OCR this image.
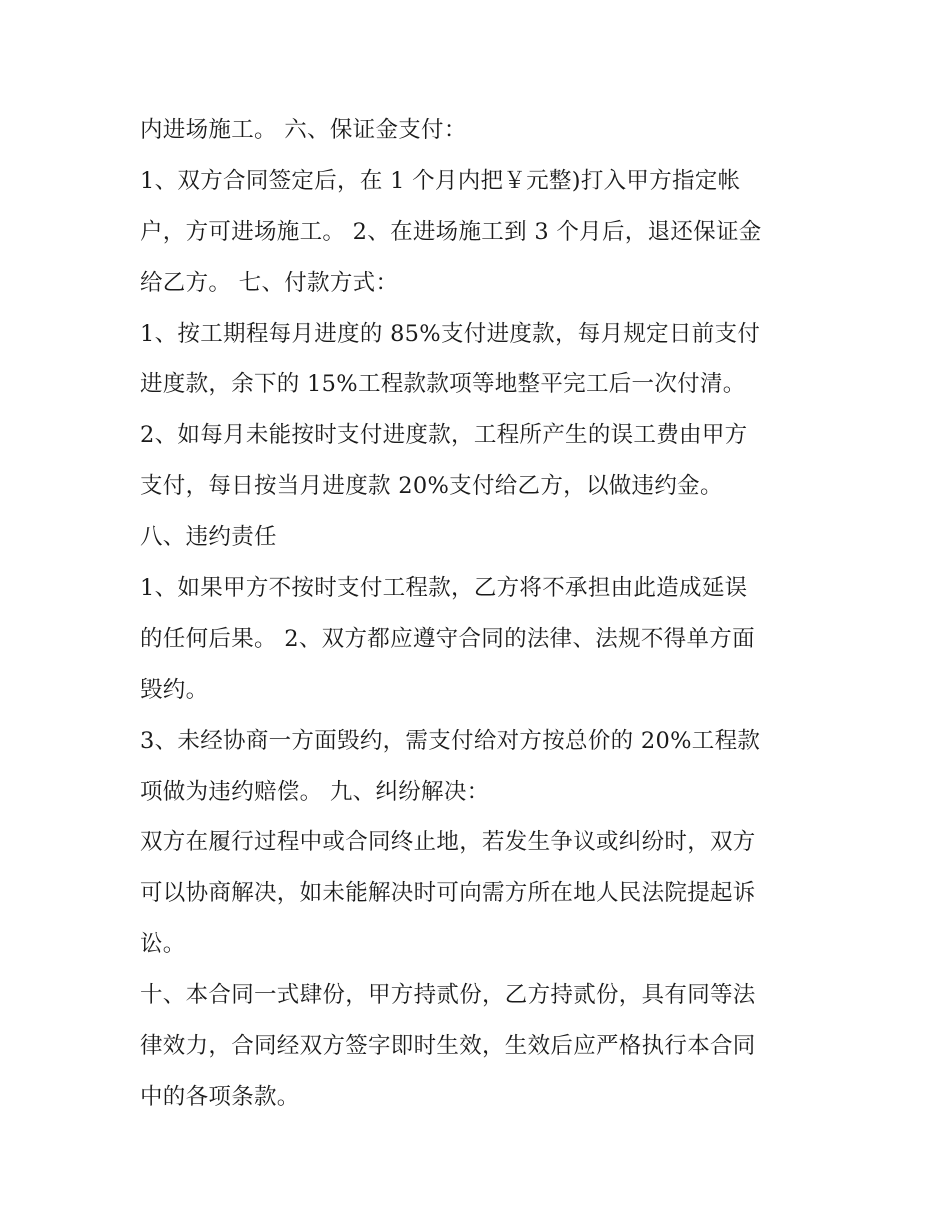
内进场施工。 六、保证金支付：
1、双方合同签定后，在 1 个月内把￥元整)打入甲方指定帐
户，方可进场施工。 2、在进场施工到 3 个月后，退还保证金
给乙方。 七、付款方式：
1、按工期程每月进度的 85%支付进度款，每月规定日前支付
进度款，余下的 15%工程款款项等地整平完工后一次付清。
2、如每月未能按时支付进度款，工程所产生的误工费由甲方
支付，每日按当月进度款 20%支付给乙方，以做违约金。
八、违约责任
1、如果甲方不按时支付工程款，乙方将不承担由此造成延误
的任何后果。 2、双方都应遵守合同的法律、法规不得单方面
毁约。
3、未经协商一方面毁约，需支付给对方按总价的 20%工程款
项做为违约赔偿。 九、纠纷解决：
双方在履行过程中或合同终止地，若发生争议或纠纷时，双方
可以协商解决，如未能解决时可向需方所在地人民法院提起诉
讼。
十、本合同一式肆份，甲方持贰份，乙方持贰份，具有同等法
律效力，合同经双方签字即时生效，生效后应严格执行本合同
中的各项条款。
